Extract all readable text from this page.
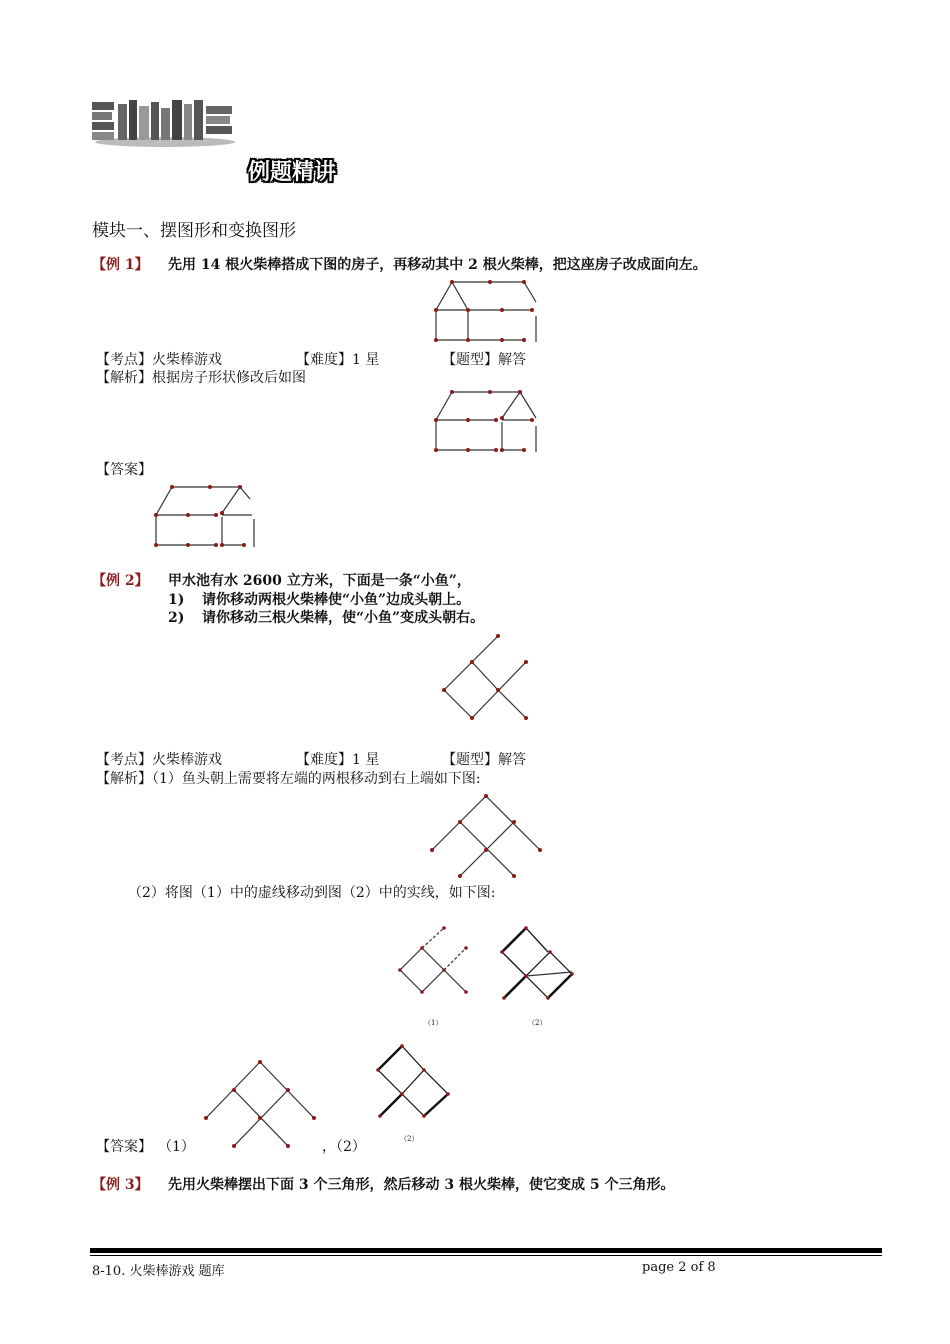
例题精讲
模块一、摆图形和变换图形
【例 1】 先用 14 根火柴棒搭成下图的房子，再移动其中 2 根火柴棒，把这座房子改成面向左。
【考点】火柴棒游戏	【难度】1 星	【题型】解答
【解析】根据房子形状修改后如图
【答案】
【例 2】 甲水池有水 2600 立方米，下面是一条“小鱼”，
1) 请你移动两根火柴棒使“小鱼”边成头朝上。
2) 请你移动三根火柴棒，使“小鱼”变成头朝右。
【考点】火柴棒游戏	【难度】1 星	【题型】解答
【解析】（1）鱼头朝上需要将左端的两根移动到右上端如下图:
（2）将图（1）中的虚线移动到图（2）中的实线，如下图:
（1）	（2）
（2）
【答案】 （1）	，（2）
【例 3】 先用火柴棒摆出下面 3 个三角形，然后移动 3 根火柴棒，使它变成 5 个三角形。
8-10. 火柴棒游戏 题库	page 2 of 8
